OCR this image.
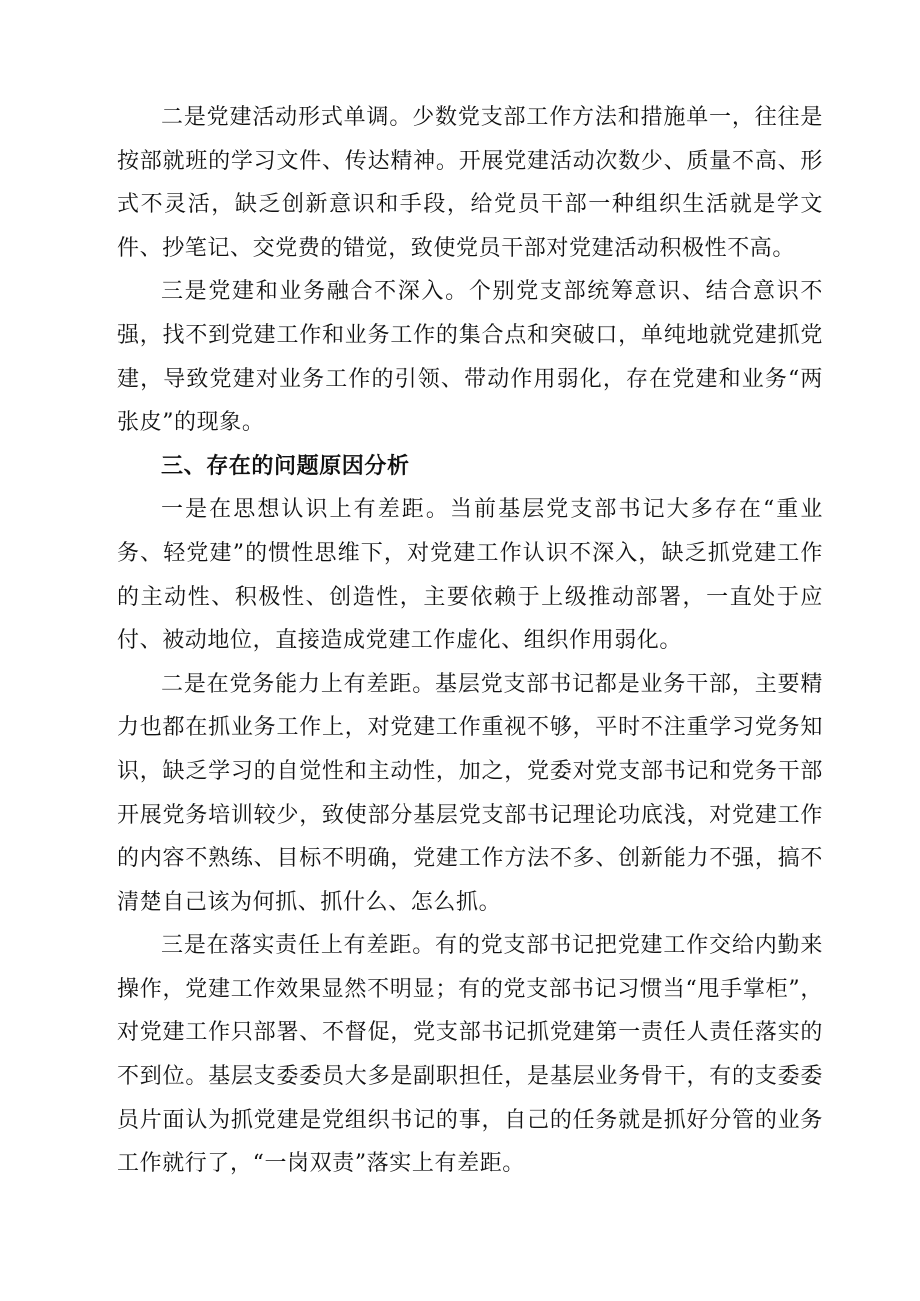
二是党建活动形式单调。少数党支部工作方法和措施单一，往往是按部就班的学习文件、传达精神。开展党建活动次数少、质量不高、形式不灵活，缺乏创新意识和手段，给党员干部一种组织生活就是学文件、抄笔记、交党费的错觉，致使党员干部对党建活动积极性不高。

三是党建和业务融合不深入。个别党支部统筹意识、结合意识不强，找不到党建工作和业务工作的集合点和突破口，单纯地就党建抓党建，导致党建对业务工作的引领、带动作用弱化，存在党建和业务“两张皮”的现象。

三、存在的问题原因分析

一是在思想认识上有差距。当前基层党支部书记大多存在“重业务、轻党建”的惯性思维下，对党建工作认识不深入，缺乏抓党建工作的主动性、积极性、创造性，主要依赖于上级推动部署，一直处于应付、被动地位，直接造成党建工作虚化、组织作用弱化。

二是在党务能力上有差距。基层党支部书记都是业务干部，主要精力也都在抓业务工作上，对党建工作重视不够，平时不注重学习党务知识，缺乏学习的自觉性和主动性，加之，党委对党支部书记和党务干部开展党务培训较少，致使部分基层党支部书记理论功底浅，对党建工作的内容不熟练、目标不明确，党建工作方法不多、创新能力不强，搞不清楚自己该为何抓、抓什么、怎么抓。

三是在落实责任上有差距。有的党支部书记把党建工作交给内勤来操作，党建工作效果显然不明显；有的党支部书记习惯当“甩手掌柜”，对党建工作只部署、不督促，党支部书记抓党建第一责任人责任落实的不到位。基层支委委员大多是副职担任，是基层业务骨干，有的支委委员片面认为抓党建是党组织书记的事，自己的任务就是抓好分管的业务工作就行了，“一岗双责”落实上有差距。
